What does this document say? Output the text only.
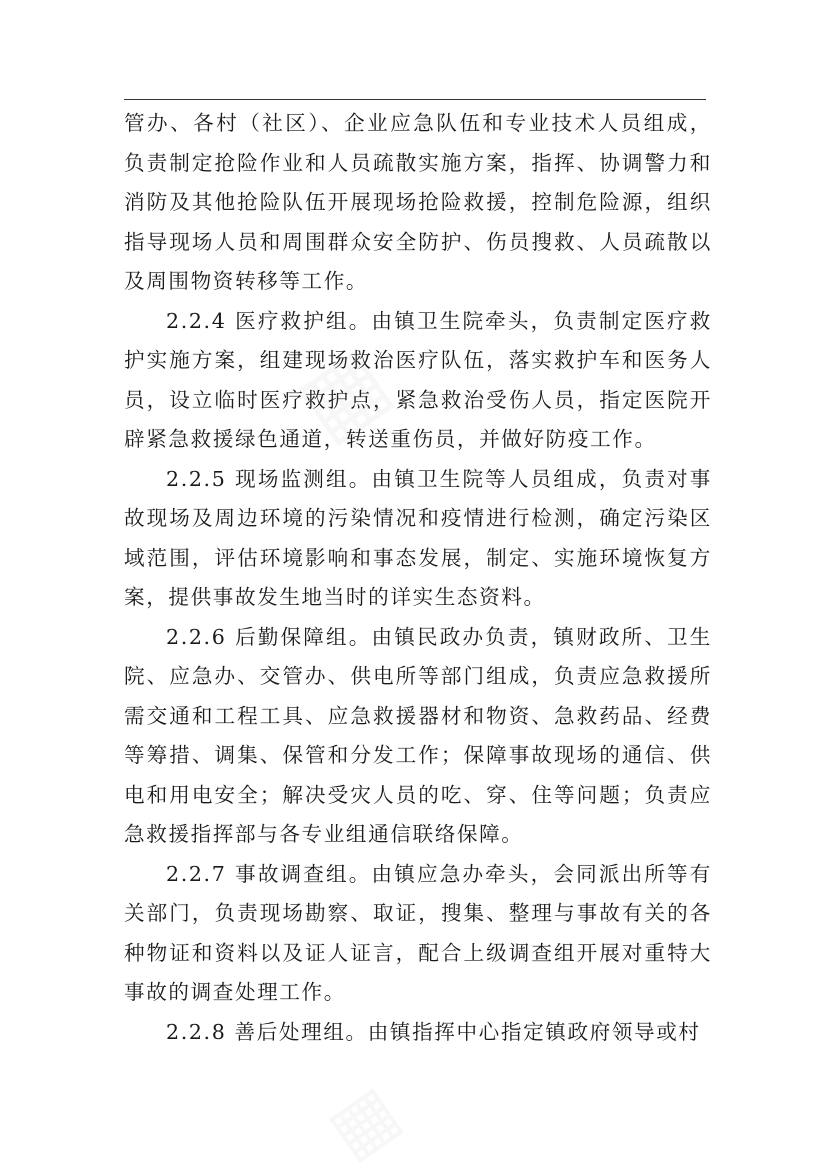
管办、各村（社区）、企业应急队伍和专业技术人员组成，负责制定抢险作业和人员疏散实施方案，指挥、协调警力和消防及其他抢险队伍开展现场抢险救援，控制危险源，组织指导现场人员和周围群众安全防护、伤员搜救、人员疏散以及周围物资转移等工作。

2.2.4 医疗救护组。由镇卫生院牵头，负责制定医疗救护实施方案，组建现场救治医疗队伍，落实救护车和医务人员，设立临时医疗救护点，紧急救治受伤人员，指定医院开辟紧急救援绿色通道，转送重伤员，并做好防疫工作。

2.2.5 现场监测组。由镇卫生院等人员组成，负责对事故现场及周边环境的污染情况和疫情进行检测，确定污染区域范围，评估环境影响和事态发展，制定、实施环境恢复方案，提供事故发生地当时的详实生态资料。

2.2.6 后勤保障组。由镇民政办负责，镇财政所、卫生院、应急办、交管办、供电所等部门组成，负责应急救援所需交通和工程工具、应急救援器材和物资、急救药品、经费等筹措、调集、保管和分发工作；保障事故现场的通信、供电和用电安全；解决受灾人员的吃、穿、住等问题；负责应急救援指挥部与各专业组通信联络保障。

2.2.7 事故调查组。由镇应急办牵头，会同派出所等有关部门，负责现场勘察、取证，搜集、整理与事故有关的各种物证和资料以及证人证言，配合上级调查组开展对重特大事故的调查处理工作。

2.2.8 善后处理组。由镇指挥中心指定镇政府领导或村

▦
▦
